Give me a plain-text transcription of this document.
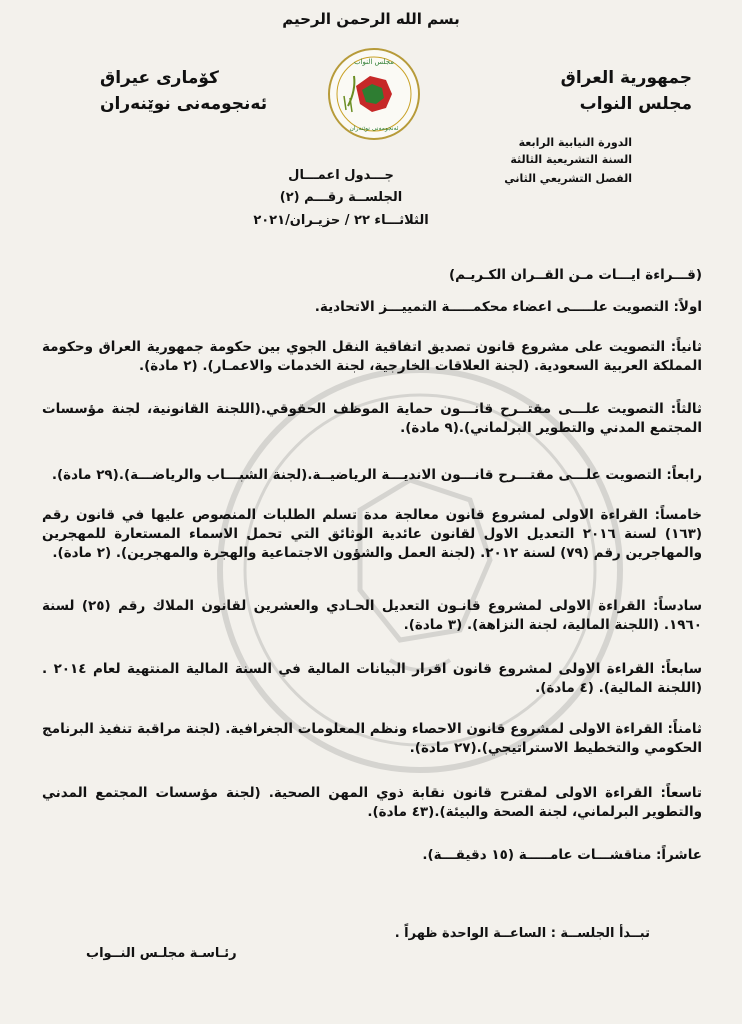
بسم الله الرحمن الرحيم
جمهورية العراق
مجلس النواب
كۆمارى عیراق
ئەنجومەنى نوێنەران
مجلس النواب
ئەنجومەنی نوێنەران
الدورة النيابية الرابعة
السنة التشريعية الثالثة
الفصل التشريعي الثاني
جـــدول اعمـــال
الجلســة رقـــم (٢)
الثلاثـــاء ٢٢ / حزيـران/٢٠٢١
(قـــراءة ايـــات مـن القــران الكـريـم)
اولاً: التصويت علـــــى اعضاء محكمـــــة التمييـــز الاتحادية.
ثانياً: التصويت على مشروع قانون تصديق اتفاقية النقل الجوي بين حكومة جمهورية العراق وحكومة المملكة العربية السعودية. (لجنة العلاقات الخارجية، لجنة الخدمات والاعمـار). (٢ مادة).
ثالثاً: التصويت علـــى مقتــرح قانـــون حماية الموظف الحقوقي.(اللجنة القانونية، لجنة مؤسسات المجتمع المدني والتطوير البرلماني).(٩ مادة).
رابعاً: التصويت علـــى مقتـــرح قانـــون الانديـــة الرياضيــة.(لجنة الشبـــاب والرياضـــة).(٢٩ مادة).
خامساً: القراءة الاولى لمشروع قانون معالجة مدة تسلم الطلبات المنصوص عليها في قانون رقم (١٦٣) لسنة ٢٠١٦ التعديل الاول لقانون عائدية الوثائق التي تحمل الاسماء المستعارة للمهجرين والمهاجرين رقم (٧٩) لسنة ٢٠١٢. (لجنة العمل والشؤون الاجتماعية والهجرة والمهجرين). (٢ مادة).
سادساً: القراءة الاولى لمشروع قانـون التعديل الحـادي والعشرين لقانون الملاك رقم (٢٥) لسنة ١٩٦٠. (اللجنة المالية، لجنة النزاهة). (٣ مادة).
سابعاً: القراءة الاولى لمشروع قانون اقرار البيانات المالية في السنة المالية المنتهية لعام ٢٠١٤ . (اللجنة المالية). (٤ مادة).
ثامناً: القراءة الاولى لمشروع قانون الاحصاء ونظم المعلومات الجغرافية. (لجنة مراقبة تنفيذ البرنامج الحكومي والتخطيط الاستراتيجي).(٢٧ مادة).
تاسعاً: القراءة الاولى لمقترح قانون نقابة ذوي المهن الصحية. (لجنة مؤسسات المجتمع المدني والتطوير البرلماني، لجنة الصحة والبيئة).(٤٣ مادة).
عاشراً: مناقشـــات عامـــــة (١٥ دقيقـــة).
تبــدأ الجلســة : الساعــة الواحدة ظهراً .
رئـاسـة مجلـس النــواب
